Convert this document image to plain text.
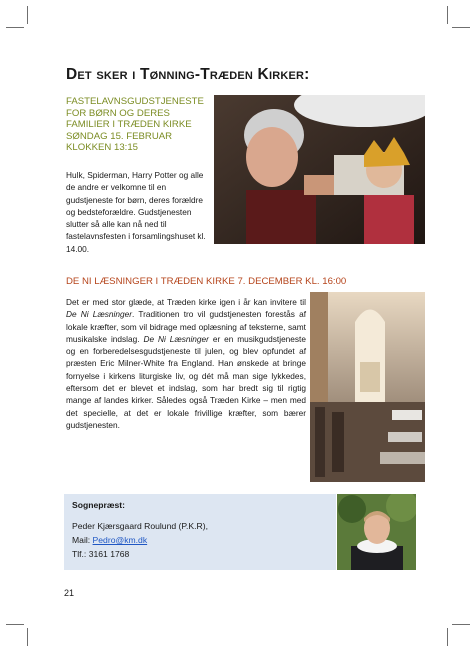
Det sker i Tønning-Træden Kirker:
FASTELAVNSGUDSTJENESTE
FOR BØRN OG DERES
FAMILIER I TRÆDEN KIRKE
SØNDAG 15. FEBRUAR
KLOKKEN 13:15
Hulk, Spiderman, Harry Potter og alle de andre er velkomne til en gudstjeneste for børn, deres forældre og bedsteforældre. Gudstjenesten slutter så alle kan nå ned til fastelavnsfesten i forsamlingshuset kl. 14.00.
DE NI LÆSNINGER I TRÆDEN KIRKE 7. DECEMBER KL. 16:00
Det er med stor glæde, at Træden kirke igen i år kan invitere til De Ni Læsninger. Traditionen tro vil gudstjenesten forestås af lokale kræfter, som vil bidrage med oplæsning af teksterne, samt musikalske indslag. De Ni Læsninger er en musikgudstjeneste og en forberedelsesgudstjeneste til julen, og blev opfundet af præsten Eric Milner-White fra England. Han ønskede at bringe fornyelse i kirkens liturgiske liv, og dét må man sige lykkedes, eftersom det er blevet et indslag, som har bredt sig til rigtig mange af landes kirker. Således også Træden Kirke – men med det specielle, at det er lokale frivillige kræfter, som bærer gudstjenesten.
Sognepræst:
Peder Kjærsgaard Roulund (P.K.R),
Mail: Pedro@km.dk
Tlf.: 3161 1768
21
